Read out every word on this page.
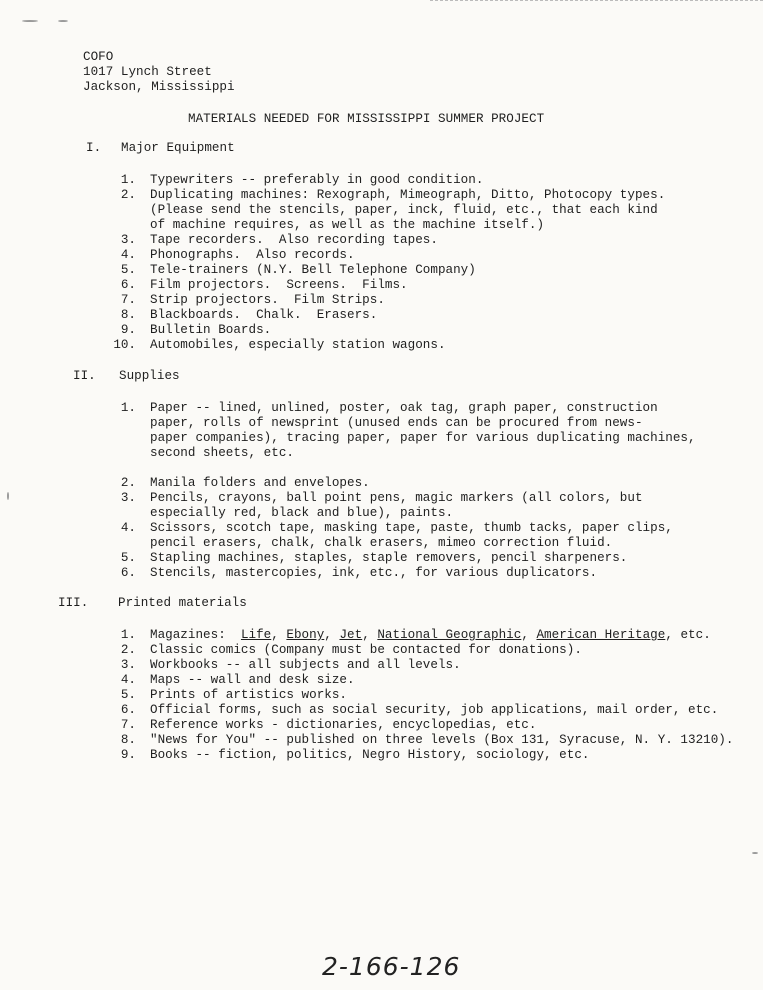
COFO
1017 Lynch Street
Jackson, Mississippi
MATERIALS NEEDED FOR MISSISSIPPI SUMMER PROJECT
I. Major Equipment
1. Typewriters -- preferably in good condition.
2. Duplicating machines: Rexograph, Mimeograph, Ditto, Photocopy types.
(Please send the stencils, paper, inck, fluid, etc., that each kind
of machine requires, as well as the machine itself.)
3. Tape recorders.  Also recording tapes.
4. Phonographs.  Also records.
5. Tele-trainers (N.Y. Bell Telephone Company)
6. Film projectors.  Screens.  Films.
7. Strip projectors.  Film Strips.
8. Blackboards.  Chalk.  Erasers.
9. Bulletin Boards.
10. Automobiles, especially station wagons.
II. Supplies
1. Paper -- lined, unlined, poster, oak tag, graph paper, construction
paper, rolls of newsprint (unused ends can be procured from news-
paper companies), tracing paper, paper for various duplicating machines,
second sheets, etc.
2. Manila folders and envelopes.
3. Pencils, crayons, ball point pens, magic markers (all colors, but
especially red, black and blue), paints.
4. Scissors, scotch tape, masking tape, paste, thumb tacks, paper clips,
pencil erasers, chalk, chalk erasers, mimeo correction fluid.
5. Stapling machines, staples, staple removers, pencil sharpeners.
6. Stencils, mastercopies, ink, etc., for various duplicators.
III. Printed materials
1. Magazines:  Life, Ebony, Jet, National Geographic, American Heritage, etc.
2. Classic comics (Company must be contacted for donations).
3. Workbooks -- all subjects and all levels.
4. Maps -- wall and desk size.
5. Prints of artistics works.
6. Official forms, such as social security, job applications, mail order, etc.
7. Reference works - dictionaries, encyclopedias, etc.
8. "News for You" -- published on three levels (Box 131, Syracuse, N. Y. 13210).
9. Books -- fiction, politics, Negro History, sociology, etc.
2-166-126
